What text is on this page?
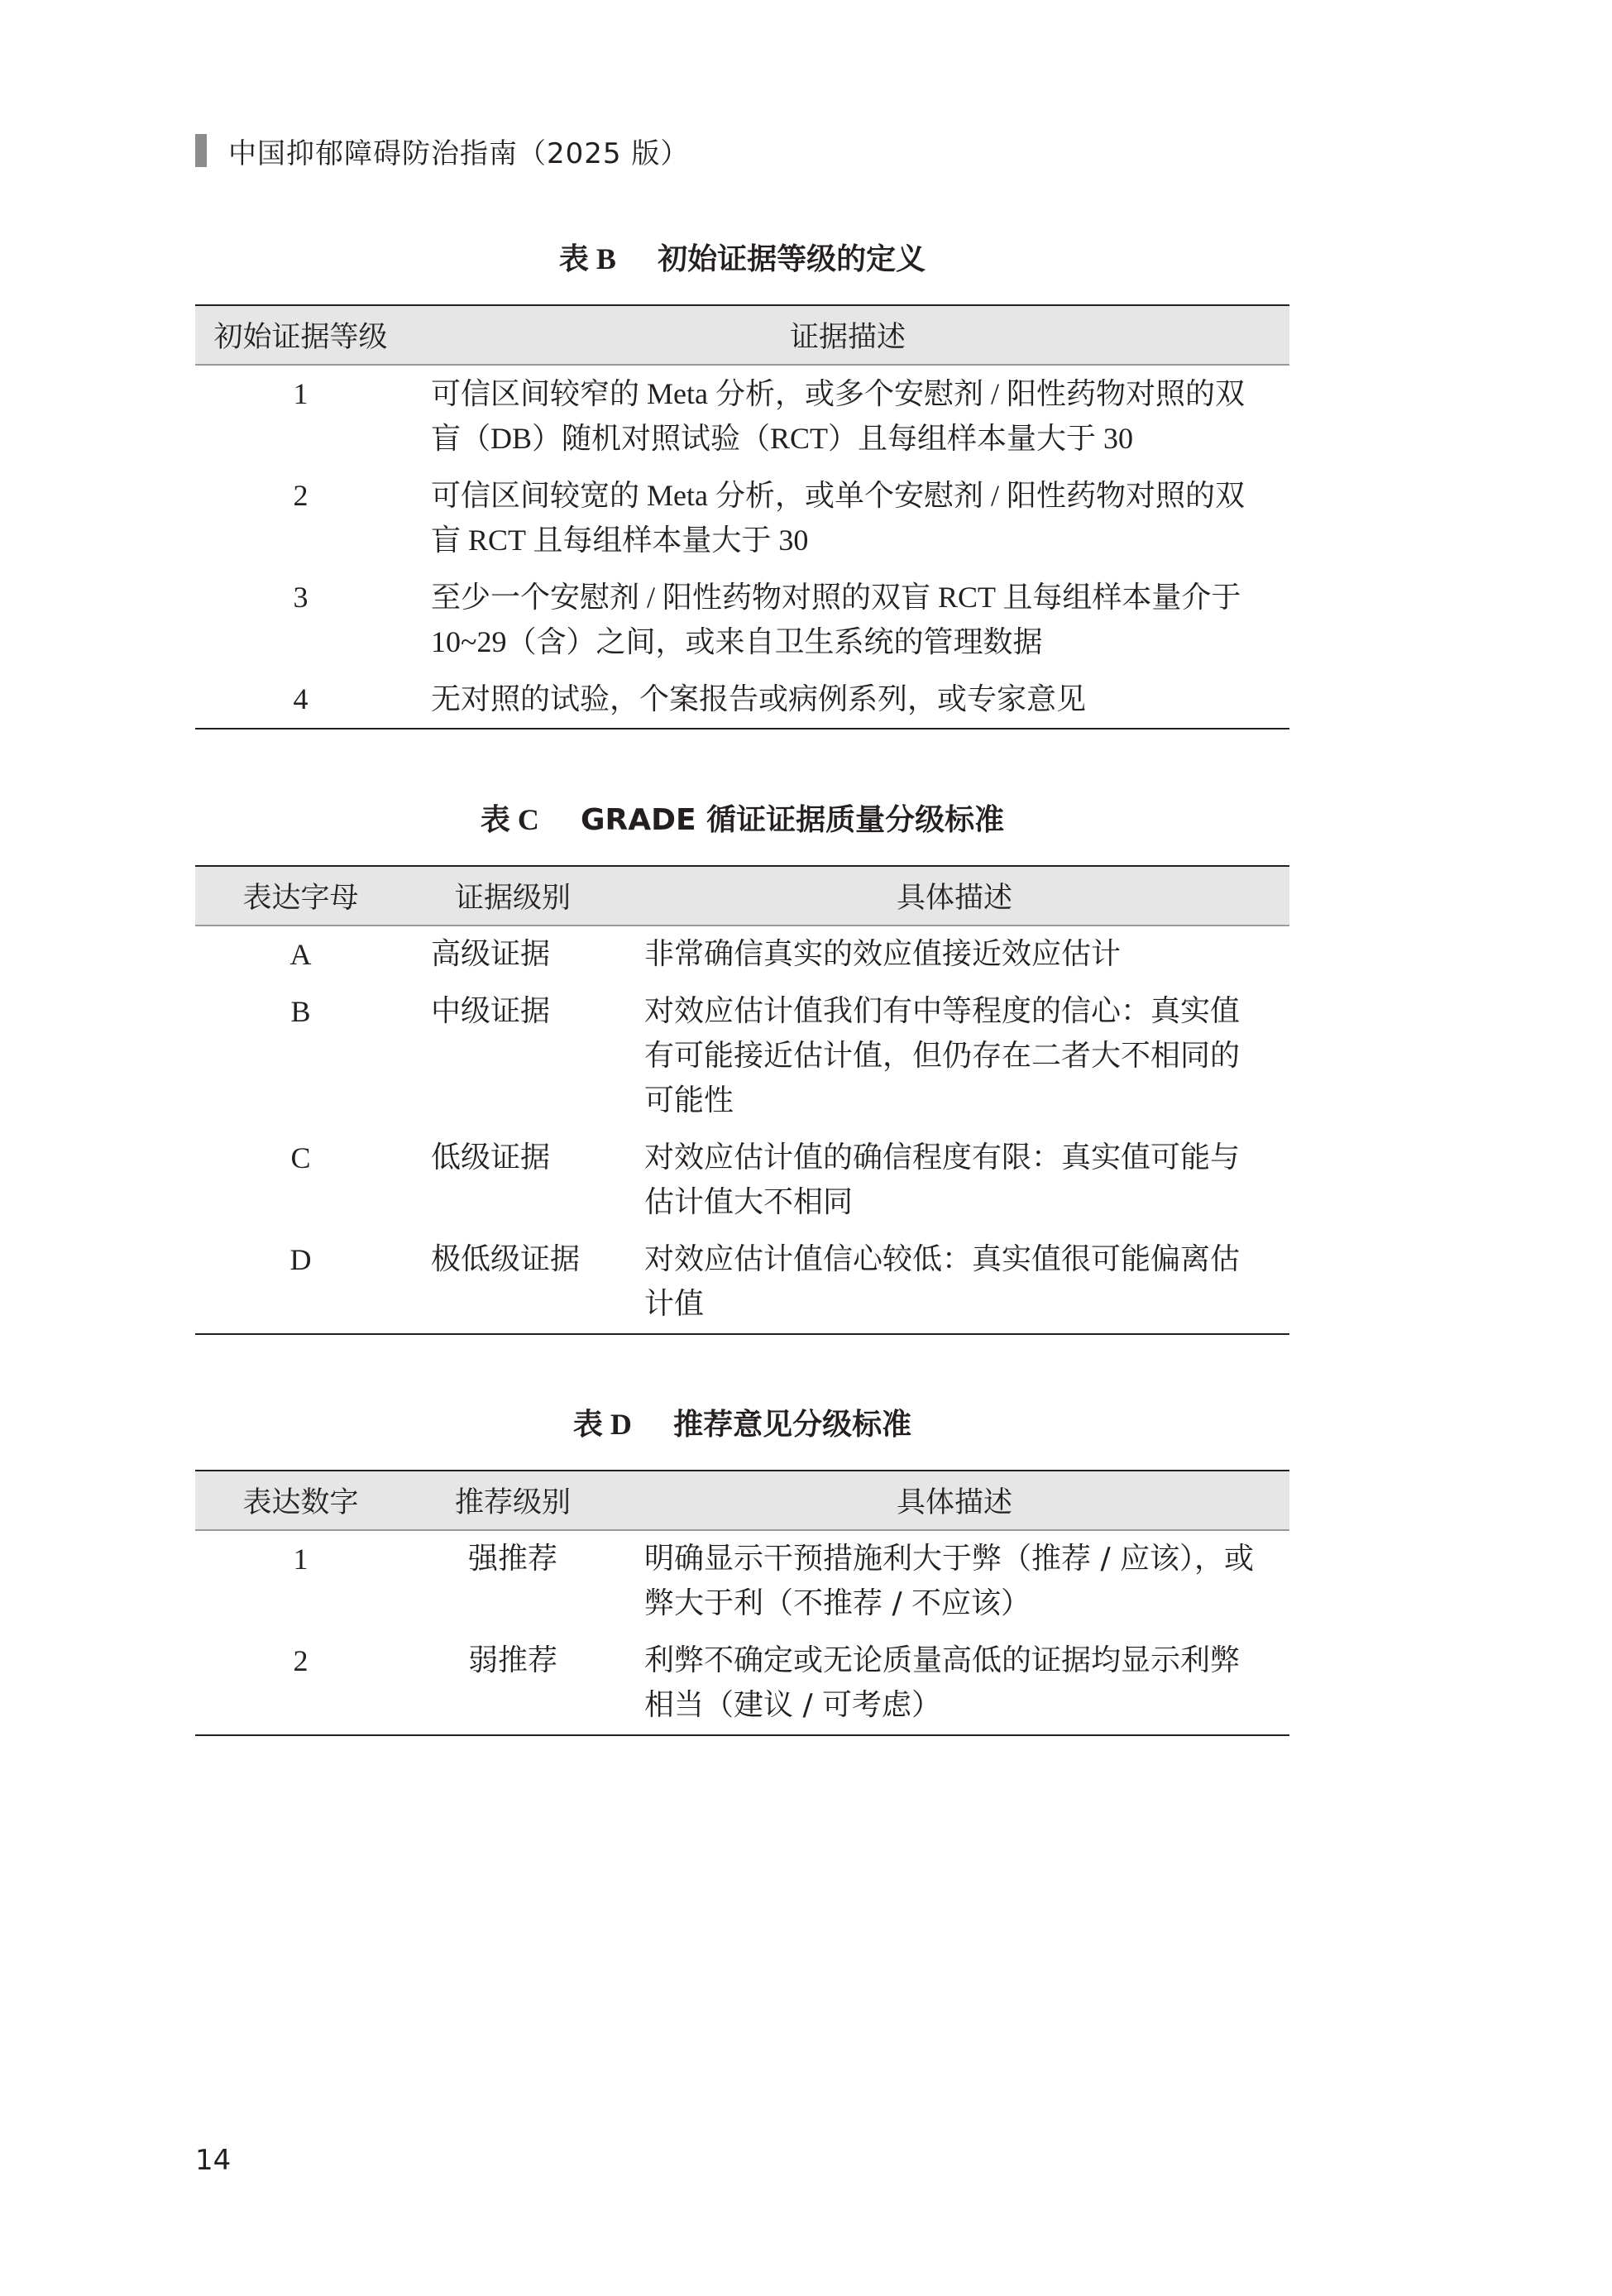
中国抑郁障碍防治指南（2025 版）
表 B 初始证据等级的定义
初始证据等级	证据描述
1	可信区间较窄的 Meta 分析，或多个安慰剂 / 阳性药物对照的双盲（DB）随机对照试验（RCT）且每组样本量大于 30
2	可信区间较宽的 Meta 分析，或单个安慰剂 / 阳性药物对照的双盲 RCT 且每组样本量大于 30
3	至少一个安慰剂 / 阳性药物对照的双盲 RCT 且每组样本量介于 10~29（含）之间，或来自卫生系统的管理数据
4	无对照的试验，个案报告或病例系列，或专家意见
表 C GRADE 循证证据质量分级标准
表达字母	证据级别	具体描述
A	高级证据	非常确信真实的效应值接近效应估计
B	中级证据	对效应估计值我们有中等程度的信心：真实值有可能接近估计值，但仍存在二者大不相同的可能性
C	低级证据	对效应估计值的确信程度有限：真实值可能与估计值大不相同
D	极低级证据	对效应估计值信心较低：真实值很可能偏离估计值
表 D 推荐意见分级标准
表达数字	推荐级别	具体描述
1	强推荐	明确显示干预措施利大于弊（推荐 / 应该），或弊大于利（不推荐 / 不应该）
2	弱推荐	利弊不确定或无论质量高低的证据均显示利弊相当（建议 / 可考虑）
14
